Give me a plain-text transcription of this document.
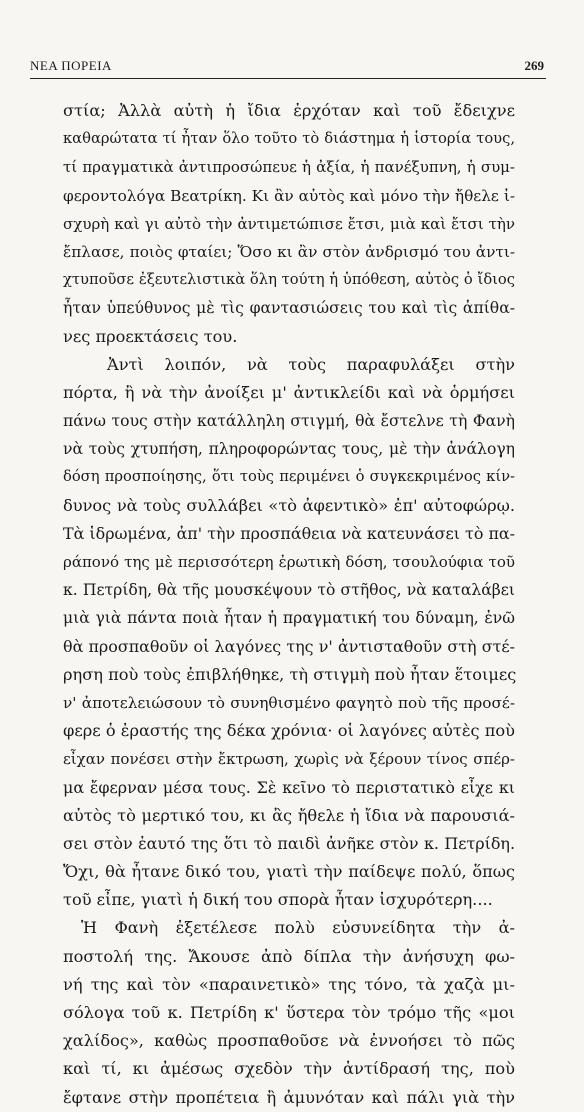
ΝΕΑ ΠΟΡΕΙΑ	269
στία; Ἀλλὰ αὐτὴ ἡ ἴδια ἐρχόταν καὶ τοῦ ἔδειχνε
καθαρώτατα τί ἦταν ὅλο τοῦτο τὸ διάστημα ἡ ἱστορία τους,
τί πραγματικὰ ἀντιπροσώπευε ἡ ἀξία, ἡ πανέξυπνη, ἡ συμ-
φεροντολόγα Βεατρίκη. Κι ἂν αὐτὸς καὶ μόνο τὴν ἤθελε ἰ-
σχυρὴ καὶ γι αὐτὸ τὴν ἀντιμετώπισε ἔτσι, μιὰ καὶ ἔτσι τὴν
ἔπλασε, ποιὸς φταίει; Ὅσο κι ἂν στὸν ἀνδρισμό του ἀντι-
χτυποῦσε ἐξευτελιστικὰ ὅλη τούτη ἡ ὑπόθεση, αὐτὸς ὁ ἴδιος
ἦταν ὑπεύθυνος μὲ τὶς φαντασιώσεις του καὶ τὶς ἀπίθα-
νες προεκτάσεις του.
Ἀντὶ λοιπόν, νὰ τοὺς παραφυλάξει στὴν
πόρτα, ἢ νὰ τὴν ἀνοίξει μ' ἀντικλείδι καὶ νὰ ὁρμήσει
πάνω τους στὴν κατάλληλη στιγμή, θὰ ἔστελνε τὴ Φανὴ
νὰ τοὺς χτυπήση, πληροφορώντας τους, μὲ τὴν ἀνάλογη
δόση προσποίησης, ὅτι τοὺς περιμένει ὁ συγκεκριμένος κίν-
δυνος νὰ τοὺς συλλάβει «τὸ ἀφεντικὸ» ἐπ' αὐτοφώρῳ.
Τὰ ἱδρωμένα, ἀπ' τὴν προσπάθεια νὰ κατευνάσει τὸ πα-
ράπονό της μὲ περισσότερη ἐρωτικὴ δόση, τσουλούφια τοῦ
κ. Πετρίδη, θὰ τῆς μουσκέψουν τὸ στῆθος, νὰ καταλάβει
μιὰ γιὰ πάντα ποιὰ ἦταν ἡ πραγματική του δύναμη, ἐνῶ
θὰ προσπαθοῦν οἱ λαγόνες της ν' ἀντισταθοῦν στὴ στέ-
ρηση ποὺ τοὺς ἐπιβλήθηκε, τὴ στιγμὴ ποὺ ἦταν ἕτοιμες
ν' ἀποτελειώσουν τὸ συνηθισμένο φαγητὸ ποὺ τῆς προσέ-
φερε ὁ ἐραστής της δέκα χρόνια· οἱ λαγόνες αὐτὲς ποὺ
εἶχαν πονέσει στὴν ἔκτρωση, χωρὶς νὰ ξέρουν τίνος σπέρ-
μα ἔφερναν μέσα τους. Σὲ κεῖνο τὸ περιστατικὸ εἶχε κι
αὐτὸς τὸ μερτικό του, κι ἂς ἤθελε ἡ ἴδια νὰ παρουσιά-
σει στὸν ἑαυτό της ὅτι τὸ παιδὶ ἀνῆκε στὸν κ. Πετρίδη.
Ὄχι, θὰ ἦτανε δικό του, γιατὶ τὴν παίδεψε πολύ, ὅπως
τοῦ εἶπε, γιατὶ ἡ δική του σπορὰ ἦταν ἰσχυρότερη....
Ἡ Φανὴ ἐξετέλεσε πολὺ εὐσυνείδητα τὴν ἀ-
ποστολή της. Ἄκουσε ἀπὸ δίπλα τὴν ἀνήσυχη φω-
νή της καὶ τὸν «παραινετικὸ» της τόνο, τὰ χαζὰ μι-
σόλογα τοῦ κ. Πετρίδη κ' ὕστερα τὸν τρόμο τῆς «μοι
χαλίδος», καθὼς προσπαθοῦσε νὰ ἐννοήσει τὸ πῶς
καὶ τί, κι ἀμέσως σχεδὸν τὴν ἀντίδρασή της, ποὺ
ἔφτανε στὴν προπέτεια ἢ ἀμυνόταν καὶ πάλι γιὰ τὴν
